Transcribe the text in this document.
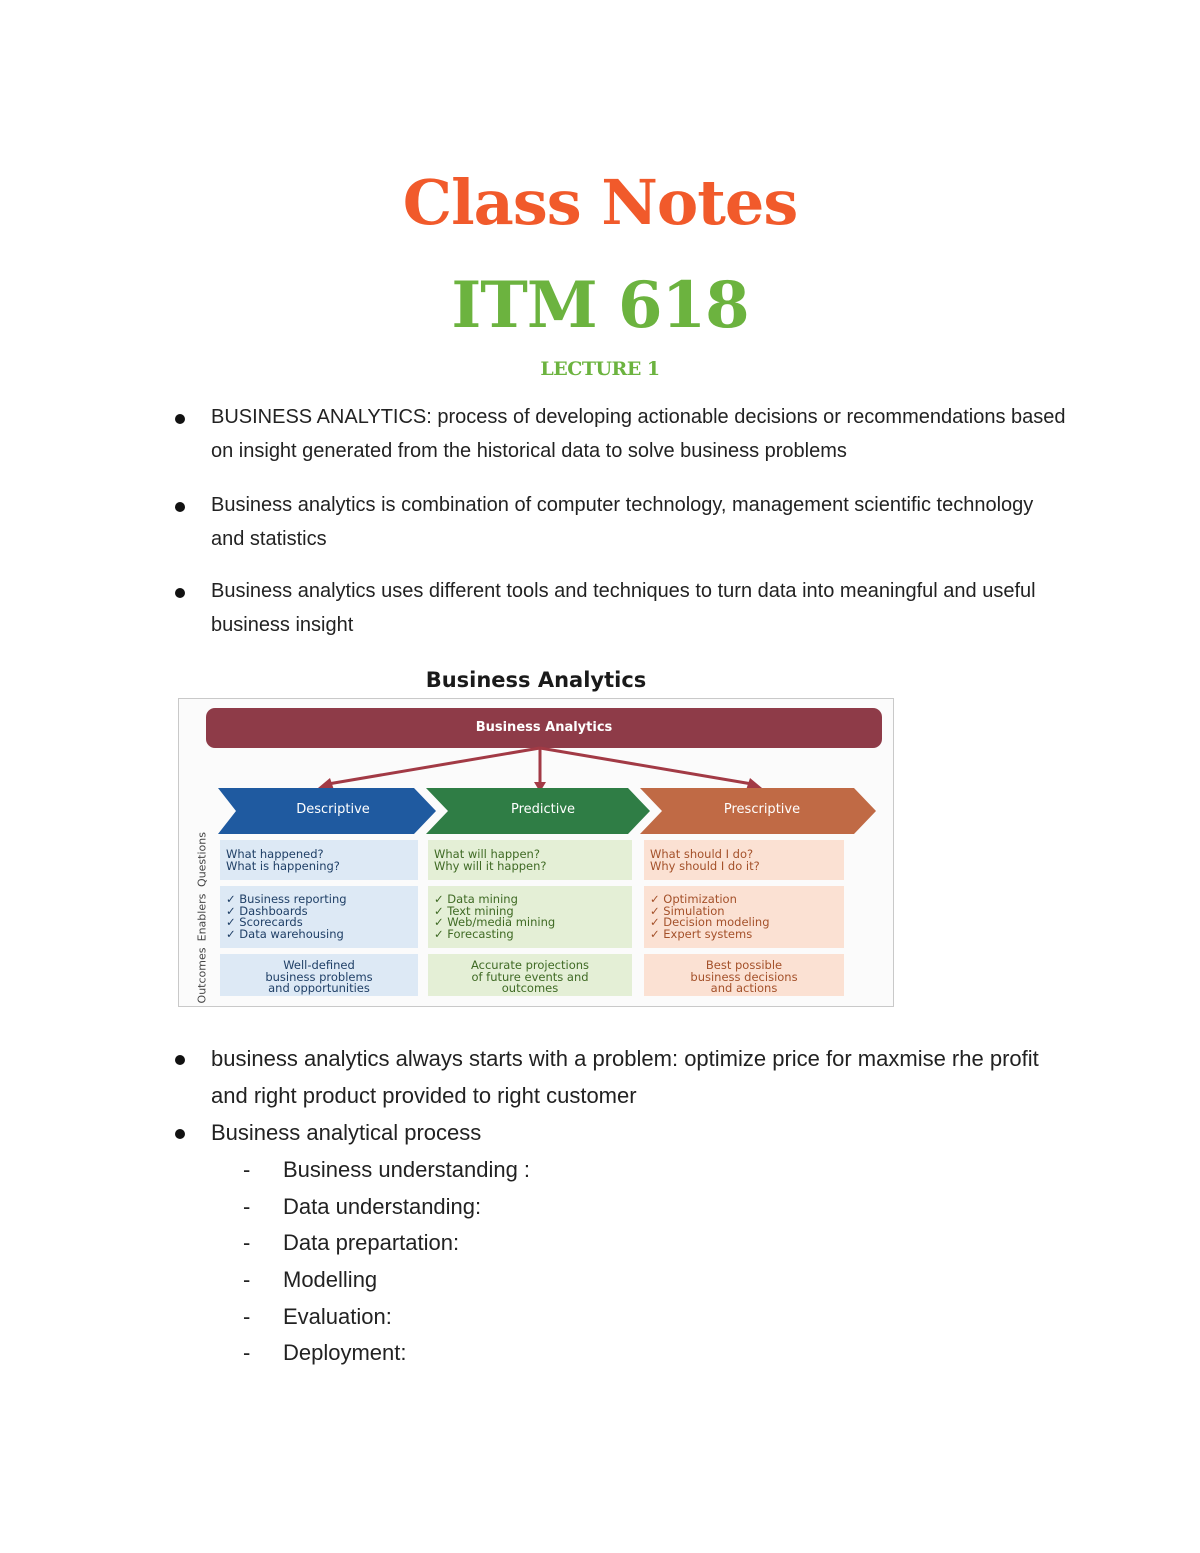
Class Notes
ITM 618
LECTURE 1
BUSINESS ANALYTICS: process of developing actionable decisions or recommendations based on insight generated from the historical data to solve business problems
Business analytics is combination of computer technology, management scientific technology and statistics
Business analytics uses different tools and techniques to turn data into meaningful and useful business insight
Business Analytics
Business Analytics
Descriptive	Predictive	Prescriptive
Questions
Enablers
Outcomes
What happened?
What is happening?
What will happen?
Why will it happen?
What should I do?
Why should I do it?
✓ Business reporting
✓ Dashboards
✓ Scorecards
✓ Data warehousing
✓ Data mining
✓ Text mining
✓ Web/media mining
✓ Forecasting
✓ Optimization
✓ Simulation
✓ Decision modeling
✓ Expert systems
Well-defined
business problems
and opportunities
Accurate projections
of future events and
outcomes
Best possible
business decisions
and actions
business analytics always starts with a problem: optimize price for maxmise rhe profit and right product provided to right customer
Business analytical process
- Business understanding :
- Data understanding:
- Data prepartation:
- Modelling
- Evaluation:
- Deployment:
